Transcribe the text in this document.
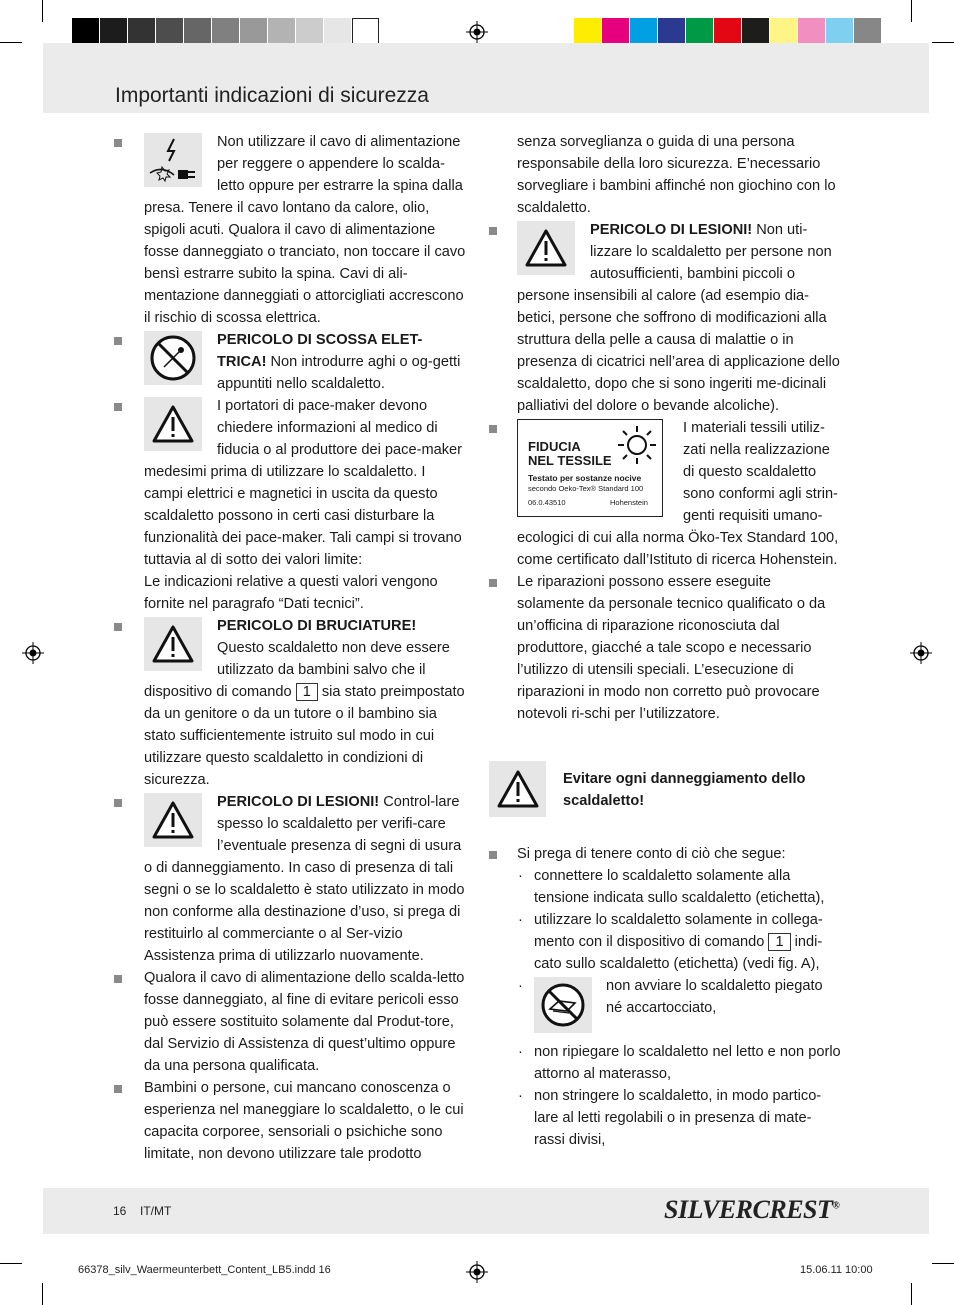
Importanti indicazioni di sicurezza
Non utilizzare il cavo di alimentazione per reggere o appendere lo scalda-letto oppure per estrarre la spina dalla presa. Tenere il cavo lontano da calore, olio, spigoli acuti. Qualora il cavo di alimentazione fosse danneggiato o tranciato, non toccare il cavo bensì estrarre subito la spina. Cavi di ali-mentazione danneggiati o attorcigliati accrescono il rischio di scossa elettrica.
PERICOLO DI SCOSSA ELET-TRICA! Non introdurre aghi o og-getti appuntiti nello scaldaletto.
I portatori di pace-maker devono chiedere informazioni al medico di fiducia o al produttore dei pace-maker medesimi prima di utilizzare lo scaldaletto. I campi elettrici e magnetici in uscita da questo scaldaletto possono in certi casi disturbare la funzionalità dei pace-maker. Tali campi si trovano tuttavia al di sotto dei valori limite:
Le indicazioni relative a questi valori vengono fornite nel paragrafo “Dati tecnici”.
PERICOLO DI BRUCIATURE! Questo scaldaletto non deve essere utilizzato da bambini salvo che il dispositivo di comando 1 sia stato preimpostato da un genitore o da un tutore o il bambino sia stato sufficientemente istruito sul modo in cui utilizzare questo scaldaletto in condizioni di sicurezza.
PERICOLO DI LESIONI! Control-lare spesso lo scaldaletto per verifi-care l’eventuale presenza di segni di usura o di danneggiamento. In caso di presenza di tali segni o se lo scaldaletto è stato utilizzato in modo non conforme alla destinazione d’uso, si prega di restituirlo al commerciante o al Ser-vizio Assistenza prima di utilizzarlo nuovamente.
Qualora il cavo di alimentazione dello scalda-letto fosse danneggiato, al fine di evitare pericoli esso può essere sostituito solamente dal Produt-tore, dal Servizio di Assistenza di quest’ultimo oppure da una persona qualificata.
Bambini o persone, cui mancano conoscenza o esperienza nel maneggiare lo scaldaletto, o le cui capacita corporee, sensoriali o psichiche sono limitate, non devono utilizzare tale prodotto
senza sorveglianza o guida di una persona responsabile della loro sicurezza. E’necessario sorvegliare i bambini affinché non giochino con lo scaldaletto.
PERICOLO DI LESIONI! Non uti-lizzare lo scaldaletto per persone non autosufficienti, bambini piccoli o persone insensibili al calore (ad esempio dia-betici, persone che soffrono di modificazioni alla struttura della pelle a causa di malattie o in presenza di cicatrici nell’area di applicazione dello scaldaletto, dopo che si sono ingeriti me-dicinali palliativi del dolore o bevande alcoliche).
FIDUCIA
NEL TESSILE
Testato per sostanze nocive
secondo Oeko-Tex® Standard 100
06.0.43510	Hohenstein
I materiali tessili utiliz-zati nella realizzazione di questo scaldaletto sono conformi agli strin-genti requisiti umano-ecologici di cui alla norma Öko-Tex Standard 100, come certificato dall’Istituto di ricerca Hohenstein.
Le riparazioni possono essere eseguite solamente da personale tecnico qualificato o da un’officina di riparazione riconosciuta dal produttore, giacché a tale scopo e necessario l’utilizzo di utensili speciali. L’esecuzione di riparazioni in modo non corretto può provocare notevoli ri-schi per l’utilizzatore.
Evitare ogni danneggiamento dello scaldaletto!
Si prega di tenere conto di ciò che segue:
· connettere lo scaldaletto solamente alla tensione indicata sullo scaldaletto (etichetta),
· utilizzare lo scaldaletto solamente in collega-mento con il dispositivo di comando 1 indi-cato sullo scaldaletto (etichetta) (vedi fig. A),
·	non avviare lo scaldaletto piegato né accartocciato,
· non ripiegare lo scaldaletto nel letto e non porlo attorno al materasso,
· non stringere lo scaldaletto, in modo partico-lare al letti regolabili o in presenza di mate-rassi divisi,
16 IT/MT	SILVERCREST®
66378_silv_Waermeunterbett_Content_LB5.indd 16	15.06.11 10:00
